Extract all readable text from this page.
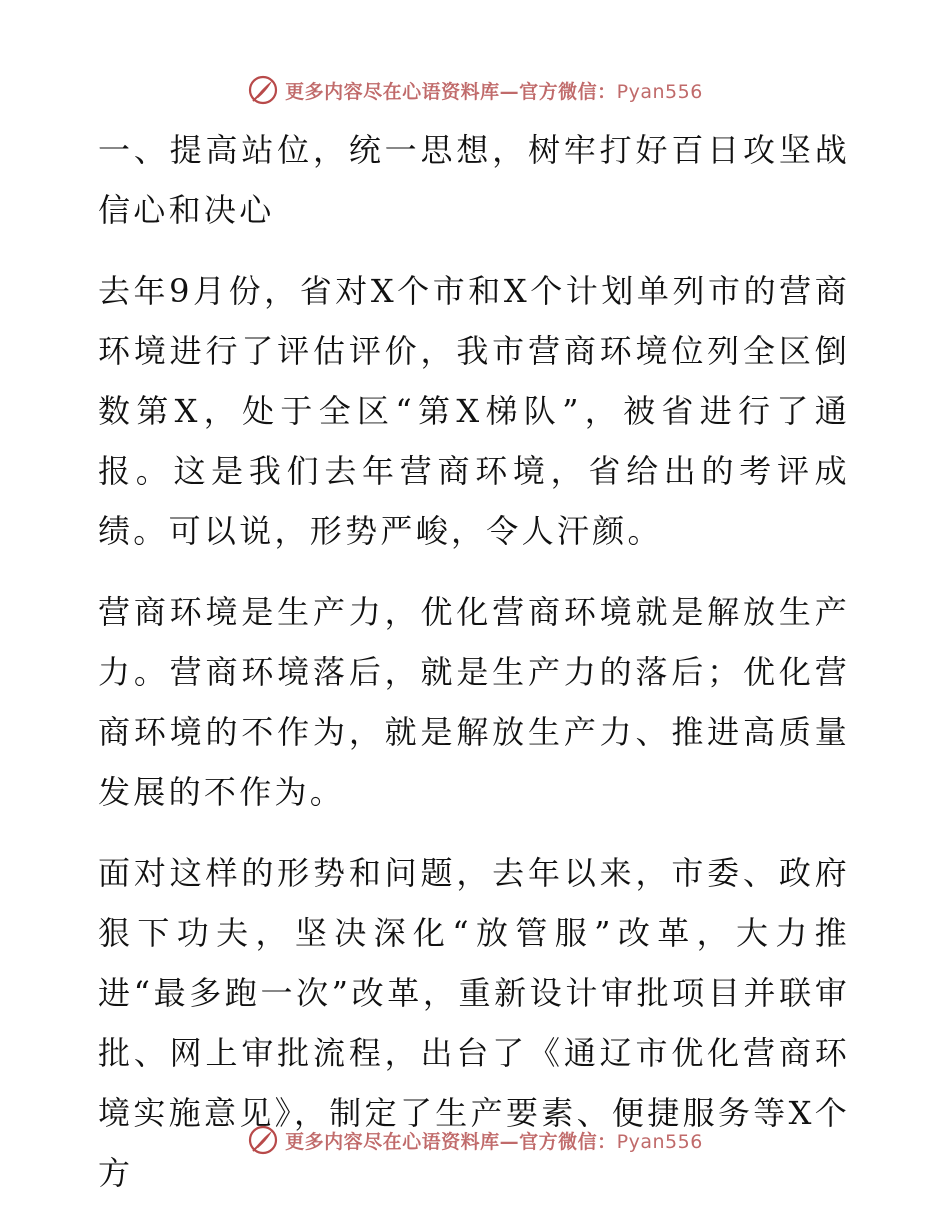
更多内容尽在心语资料库—官方微信：Pyan556

一、提高站位，统一思想，树牢打好百日攻坚战信心和决心

去年9月份，省对X个市和X个计划单列市的营商环境进行了评估评价，我市营商环境位列全区倒数第X，处于全区“第X梯队”，被省进行了通报。这是我们去年营商环境，省给出的考评成绩。可以说，形势严峻，令人汗颜。

营商环境是生产力，优化营商环境就是解放生产力。营商环境落后，就是生产力的落后；优化营商环境的不作为，就是解放生产力、推进高质量发展的不作为。

面对这样的形势和问题，去年以来，市委、政府狠下功夫，坚决深化“放管服”改革，大力推进“最多跑一次”改革，重新设计审批项目并联审批、网上审批流程，出台了《通辽市优化营商环境实施意见》，制定了生产要素、便捷服务等X个方

更多内容尽在心语资料库—官方微信：Pyan556
